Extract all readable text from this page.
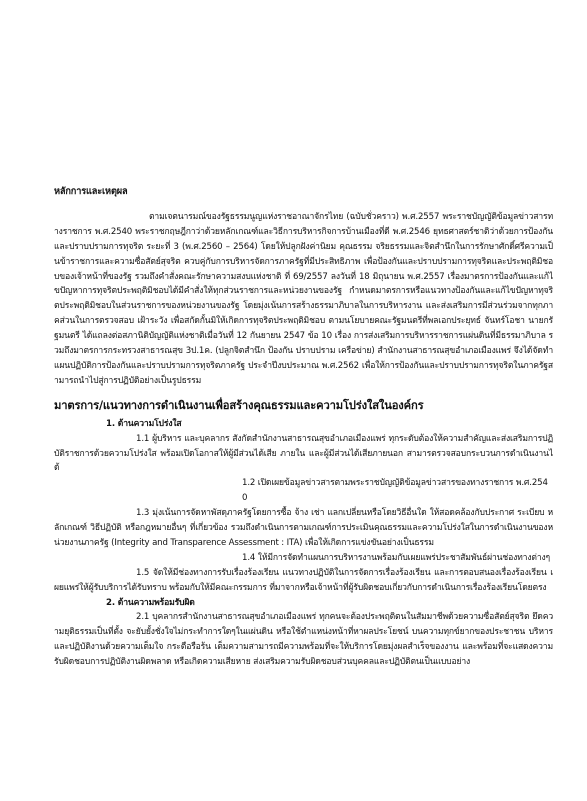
หลักการและเหตุผล

ตามเจตนารมณ์ของรัฐธรรมนูญแห่งราชอาณาจักรไทย (ฉบับชั่วคราว) พ.ศ.2557 พระราชบัญญัติข้อมูลข่าวสารทางราชการ พ.ศ.2540 พระราชกฤษฎีกาว่าด้วยหลักเกณฑ์และวิธีการบริหารกิจการบ้านเมืองที่ดี พ.ศ.2546 ยุทธศาสตร์ชาติว่าด้วยการป้องกันและปราบปรามการทุจริต ระยะที่ 3 (พ.ศ.2560 – 2564) โดยให้ปลูกฝังค่านิยม คุณธรรม จริยธรรมและจิตสำนึกในการรักษาศักดิ์ศรีความเป็นข้าราชการและความซื่อสัตย์สุจริต ควบคู่กับการบริหารจัดการภาครัฐที่มีประสิทธิภาพ เพื่อป้องกันและปราบปรามการทุจริตและประพฤติมิชอบของเจ้าหน้าที่ของรัฐ รวมถึงคำสั่งคณะรักษาความสงบแห่งชาติ ที่ 69/2557 ลงวันที่ 18 มิถุนายน พ.ศ.2557 เรื่องมาตรการป้องกันและแก้ไขปัญหาการทุจริตประพฤติมิชอบได้มีคำสั่งให้ทุกส่วนราชการและหน่วยงานของรัฐ กำหนดมาตรการหรือแนวทางป้องกันและแก้ไขปัญหาทุจริตประพฤติมิชอบในส่วนราชการของหน่วยงานของรัฐ โดยมุ่งเน้นการสร้างธรรมาภิบาลในการบริหารงาน และส่งเสริมการมีส่วนร่วมจากทุกภาคส่วนในการตรวจสอบ เฝ้าระวัง เพื่อสกัดกั้นมิให้เกิดการทุจริตประพฤติมิชอบ ตามนโยบายคณะรัฐมนตรีที่พลเอกประยุทธ์ จันทร์โอชา นายกรัฐมนตรี ได้แถลงต่อสภานิติบัญญัติแห่งชาติเมื่อวันที่ 12 กันยายน 2547 ข้อ 10 เรื่อง การส่งเสริมการบริหารราชการแผ่นดินที่มีธรรมาภิบาล รวมถึงมาตรการกระทรวงสาธารณสุข 3ป.1ค. (ปลูกจิตสำนึก ป้องกัน ปราบปราม เครือข่าย) สำนักงานสาธารณสุขอำเภอเมืองแพร่ จึงได้จัดทำแผนปฏิบัติการป้องกันและปราบปรามการทุจริตภาครัฐ ประจำปีงบประมาณ พ.ศ.2562 เพื่อให้การป้องกันและปราบปรามการทุจริตในภาครัฐสามารถนำไปสู่การปฏิบัติอย่างเป็นรูปธรรม

มาตรการ/แนวทางการดำเนินงานเพื่อสร้างคุณธรรมและความโปร่งใสในองค์กร

1. ด้านความโปร่งใส

1.1 ผู้บริหาร และบุคลากร สังกัดสำนักงานสาธารณสุขอำเภอเมืองแพร่ ทุกระดับต้องให้ความสำคัญและส่งเสริมการปฏิบัติราชการด้วยความโปร่งใส พร้อมเปิดโอกาสให้ผู้มีส่วนได้เสีย ภายใน และผู้มีส่วนได้เสียภายนอก สามารตรวจสอบกระบวนการดำเนินงานได้

1.2 เปิดเผยข้อมูลข่าวสารตามพระราชบัญญัติข้อมูลข่าวสารของทางราชการ พ.ศ.2540

1.3 มุ่งเน้นการจัดหาพัสดุภาครัฐโดยการซื้อ จ้าง เช่า แลกเปลี่ยนหรือโดยวิธีอื่นใด ให้สอดคล้องกับประกาศ ระเบียบ หลักเกณฑ์ วิธีปฏิบัติ หรือกฎหมายอื่นๆ ที่เกี่ยวข้อง รวมถึงดำเนินการตามเกณฑ์การประเมินคุณธรรมและความโปร่งใสในการดำเนินงานของหน่วยงานภาครัฐ (Integrity and Transparence Assessment : ITA) เพื่อให้เกิดการแข่งขันอย่างเป็นธรรม

1.4 ให้มีการจัดทำแผนการบริหารงานพร้อมกับเผยแพร่ประชาสัมพันธ์ผ่านช่องทางต่างๆ

1.5 จัดให้มีช่องทางการรับเรื่องร้องเรียน แนวทางปฏิบัติในการจัดการเรื่องร้องเรียน และการตอบสนองเรื่องร้องเรียน เผยแพร่ให้ผู้รับบริการได้รับทราบ พร้อมกับให้มีคณะกรรมการ ที่มาจากหรือเจ้าหน้าที่ผู้รับผิดชอบเกี่ยวกับการดำเนินการเรื่องร้องเรียนโดยตรง

2. ด้านความพร้อมรับผิด

2.1 บุคลากรสำนักงานสาธารณสุขอำเภอเมืองแพร่ ทุกคนจะต้องประพฤติตนในสัมมาชีพด้วยความซื่อสัตย์สุจริต ยึดความยุติธรรมเป็นที่ตั้ง จะยับยั้งชั่งใจไม่กระทำการใดๆในแผ่นดิน หรือใช้ตำแหน่งหน้าที่หาผลประโยชน์ บนความทุกข์ยากของประชาชน บริหารและปฏิบัติงานด้วยความเต็มใจ กระตือรือร้น เต็มความสามารถมีความพร้อมที่จะให้บริการโดยมุ่งผลสำเร็จของงาน และพร้อมที่จะแสดงความรับผิดชอบการปฏิบัติงานผิดพลาด หรือเกิดความเสียหาย ส่งเสริมความรับผิดชอบส่วนบุคคลและปฏิบัติตนเป็นแบบอย่าง
